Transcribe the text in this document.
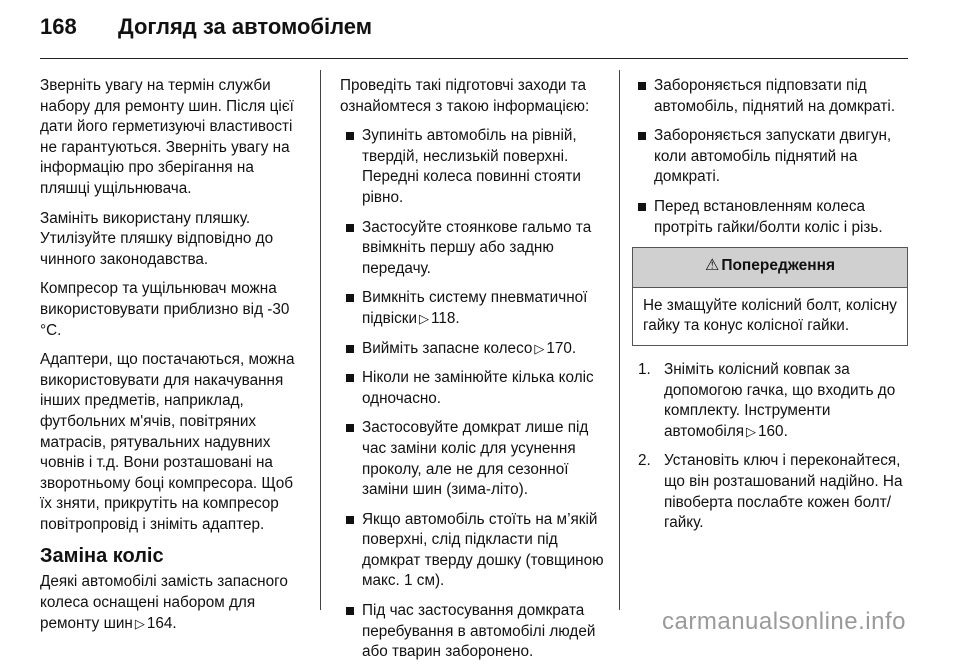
168	Догляд за автомобілем

Зверніть увагу на термін служби набору для ремонту шин. Після цієї дати його герметизуючі властивості не гарантуються. Зверніть увагу на інформацію про зберігання на пляшці ущільнювача.

Замініть використану пляшку. Утилізуйте пляшку відповідно до чинного законодавства.

Компресор та ущільнювач можна використовувати приблизно від -30 °C.

Адаптери, що постачаються, можна використовувати для накачування інших предметів, наприклад, футбольних м'ячів, повітряних матрасів, рятувальних надувних човнів і т.д. Вони розташовані на зворотньому боці компресора. Щоб їх зняти, прикрутіть на компресор повітропровід і зніміть адаптер.

Заміна коліс

Деякі автомобілі замість запасного колеса оснащені набором для ремонту шин ▷ 164.

Проведіть такі підготовчі заходи та ознайомтеся з такою інформацією:

Зупиніть автомобіль на рівній, твердій, неслизькій поверхні. Передні колеса повинні стояти рівно.
Застосуйте стоянкове гальмо та ввімкніть першу або задню передачу.
Вимкніть систему пневматичної підвіски ▷ 118.
Вийміть запасне колесо ▷ 170.
Ніколи не замінюйте кілька коліс одночасно.
Застосовуйте домкрат лише під час заміни коліс для усунення проколу, але не для сезонної заміни шин (зима-літо).
Якщо автомобіль стоїть на м’якій поверхні, слід підкласти під домкрат тверду дошку (товщиною макс. 1 см).
Під час застосування домкрата перебування в автомобілі людей або тварин заборонено.
Забороняється підповзати під автомобіль, піднятий на домкраті.
Забороняється запускати двигун, коли автомобіль піднятий на домкраті.
Перед встановленням колеса протріть гайки/болти коліс і різь.
⚠ Попередження
Не змащуйте колісний болт, колісну гайку та конус колісної гайки.
1. Зніміть колісний ковпак за допомогою гачка, що входить до комплекту. Інструменти автомобіля ▷ 160.
2. Установіть ключ і переконайтеся, що він розташований надійно. На півоберта послабте кожен болт/гайку.
carmanualsonline.info
